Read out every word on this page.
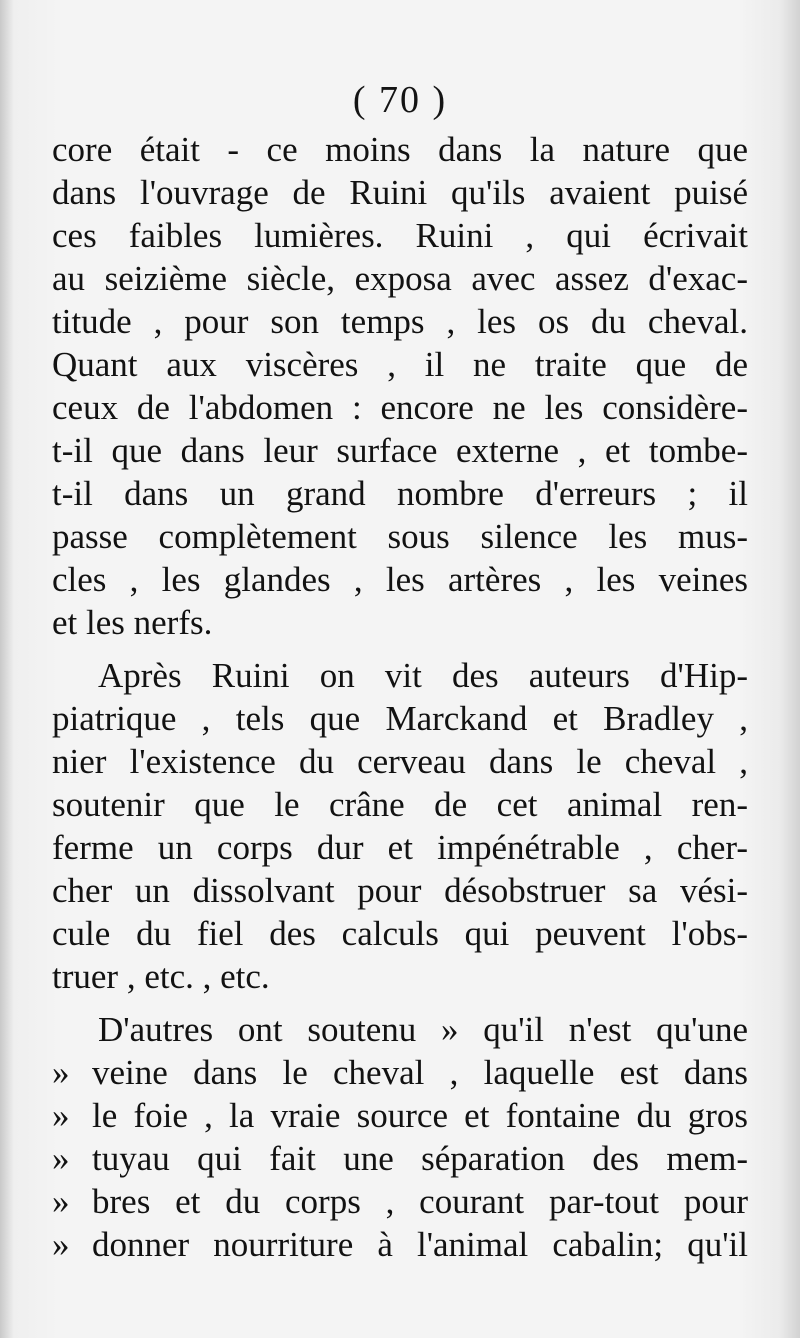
( 70 )
core était - ce moins dans la nature que
dans l'ouvrage de Ruini qu'ils avaient puisé
ces faibles lumières. Ruini , qui écrivait
au seizième siècle, exposa avec assez d'exac-
titude , pour son temps , les os du cheval.
Quant aux viscères , il ne traite que de
ceux de l'abdomen : encore ne les considère-
t-il que dans leur surface externe , et tombe-
t-il dans un grand nombre d'erreurs ; il
passe complètement sous silence les mus-
cles , les glandes , les artères , les veines
et les nerfs.
Après Ruini on vit des auteurs d'Hip-
piatrique , tels que Marckand et Bradley ,
nier l'existence du cerveau dans le cheval ,
soutenir que le crâne de cet animal ren-
ferme un corps dur et impénétrable , cher-
cher un dissolvant pour désobstruer sa vési-
cule du fiel des calculs qui peuvent l'obs-
truer , etc. , etc.
D'autres ont soutenu » qu'il n'est qu'une
» veine dans le cheval , laquelle est dans
» le foie , la vraie source et fontaine du gros
» tuyau qui fait une séparation des mem-
» bres et du corps , courant par-tout pour
» donner nourriture à l'animal cabalin; qu'il
